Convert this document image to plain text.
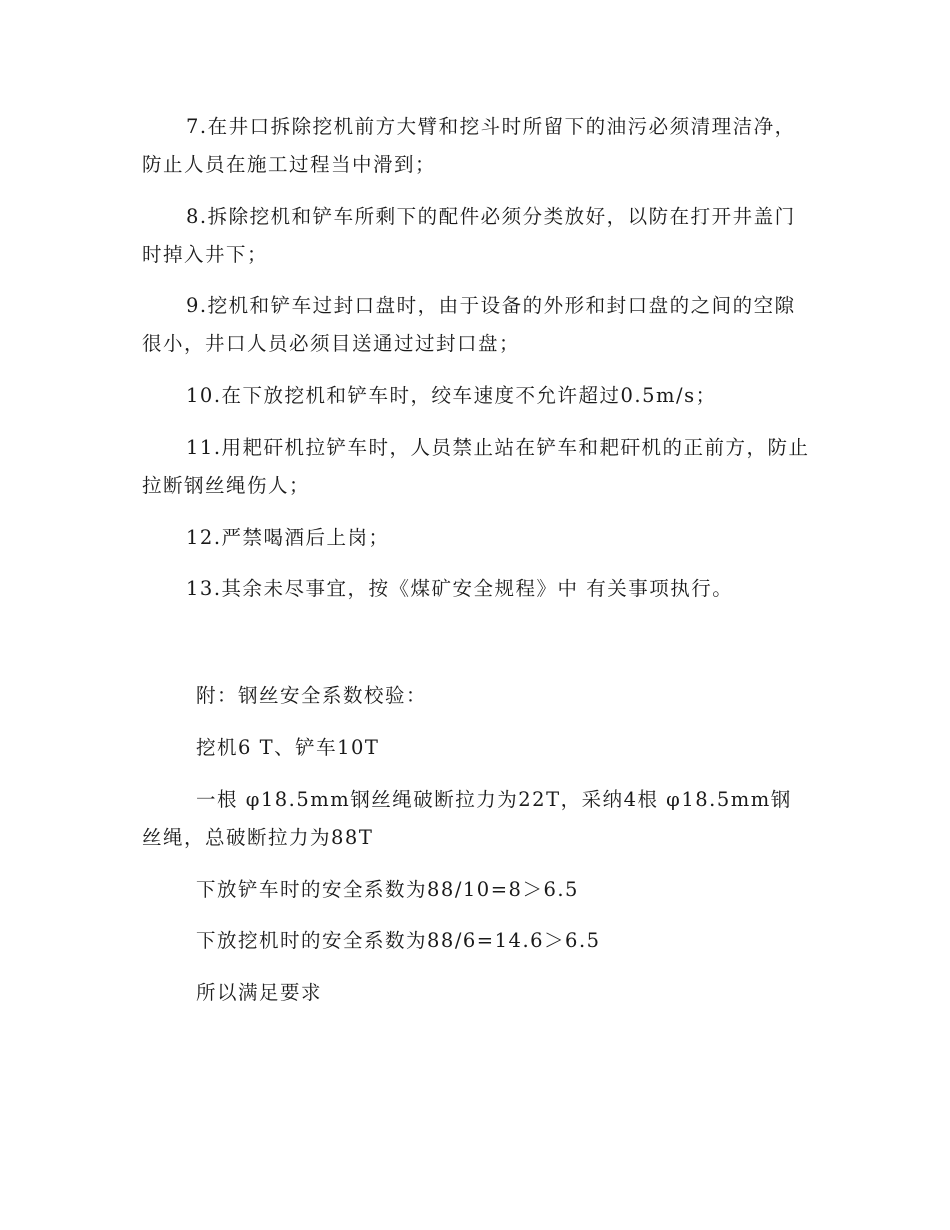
7.在井口拆除挖机前方大臂和挖斗时所留下的油污必须清理洁净，防止人员在施工过程当中滑到；

8.拆除挖机和铲车所剩下的配件必须分类放好，以防在打开井盖门时掉入井下；

9.挖机和铲车过封口盘时，由于设备的外形和封口盘的之间的空隙很小，井口人员必须目送通过过封口盘；

10.在下放挖机和铲车时，绞车速度不允许超过0.5m/s；

11.用耙矸机拉铲车时，人员禁止站在铲车和耙矸机的正前方，防止拉断钢丝绳伤人；

12.严禁喝酒后上岗；

13.其余未尽事宜，按《煤矿安全规程》中 有关事项执行。

附：钢丝安全系数校验：

挖机6 T、铲车10T

一根 φ18.5mm钢丝绳破断拉力为22T，采纳4根 φ18.5mm钢丝绳，总破断拉力为88T

下放铲车时的安全系数为88/10=8＞6.5

下放挖机时的安全系数为88/6=14.6＞6.5

所以满足要求
